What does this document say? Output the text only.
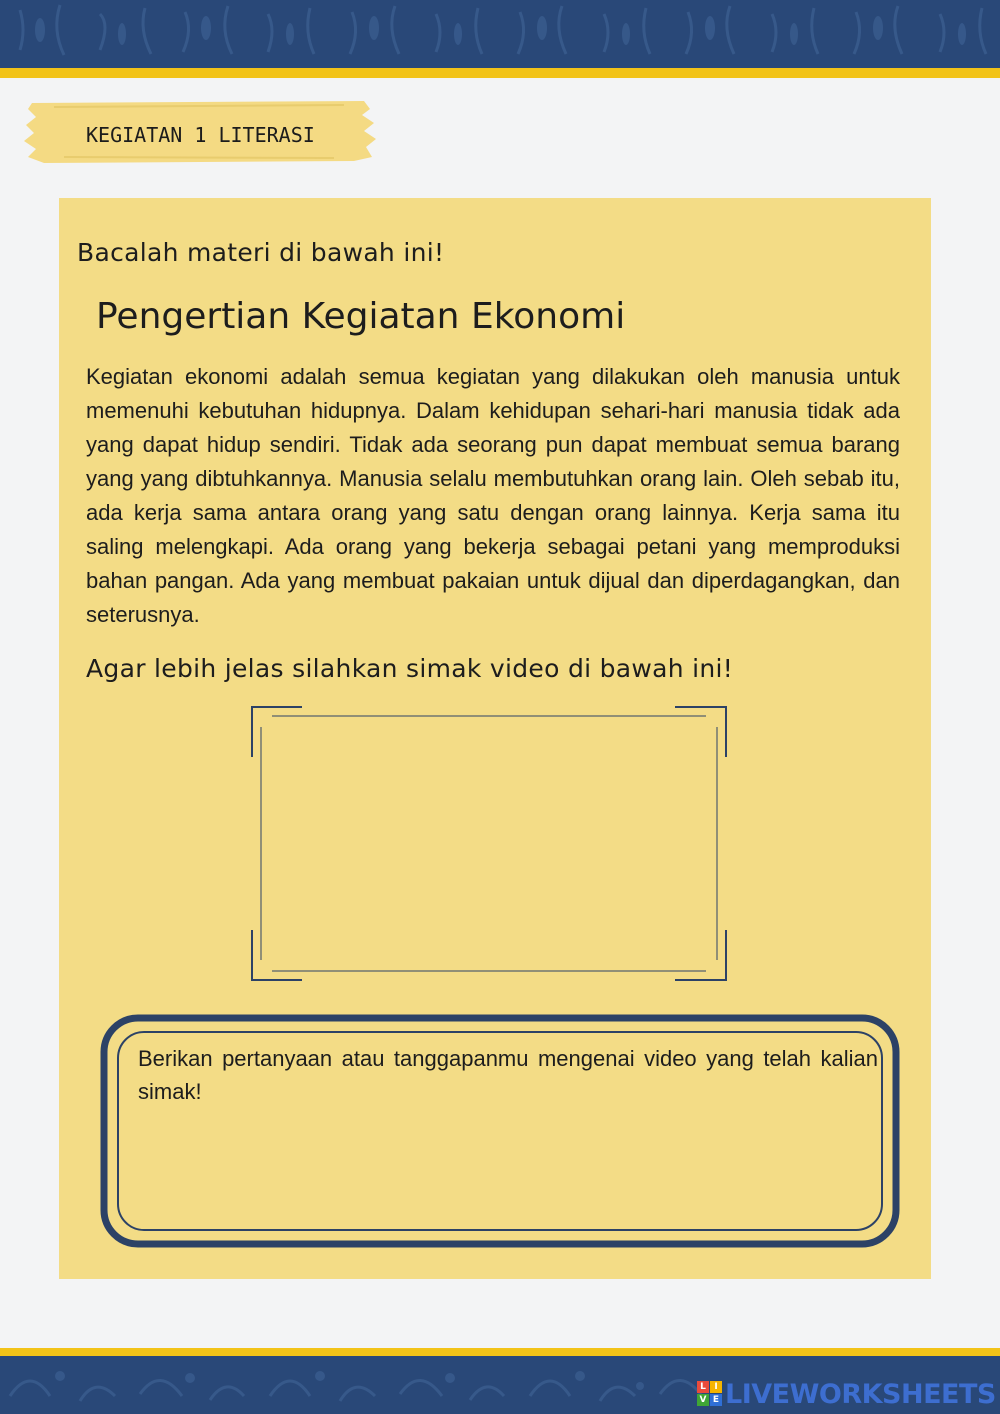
KEGIATAN 1 LITERASI
Bacalah materi di bawah ini!
Pengertian Kegiatan Ekonomi

Kegiatan ekonomi adalah semua kegiatan yang dilakukan oleh manusia untuk memenuhi kebutuhan hidupnya. Dalam kehidupan sehari-hari manusia tidak ada yang dapat hidup sendiri. Tidak ada seorang pun dapat membuat semua barang yang yang dibtuhkannya. Manusia selalu membutuhkan orang lain. Oleh sebab itu, ada kerja sama antara orang yang satu dengan orang lainnya. Kerja sama itu saling melengkapi. Ada orang yang bekerja sebagai petani yang memproduksi bahan pangan. Ada yang membuat pakaian untuk dijual dan diperdagangkan, dan seterusnya.

Agar lebih jelas silahkan simak video di bawah ini!

Berikan pertanyaan atau tanggapanmu mengenai video yang telah kalian simak!

L I
V E LIVEWORKSHEETS
